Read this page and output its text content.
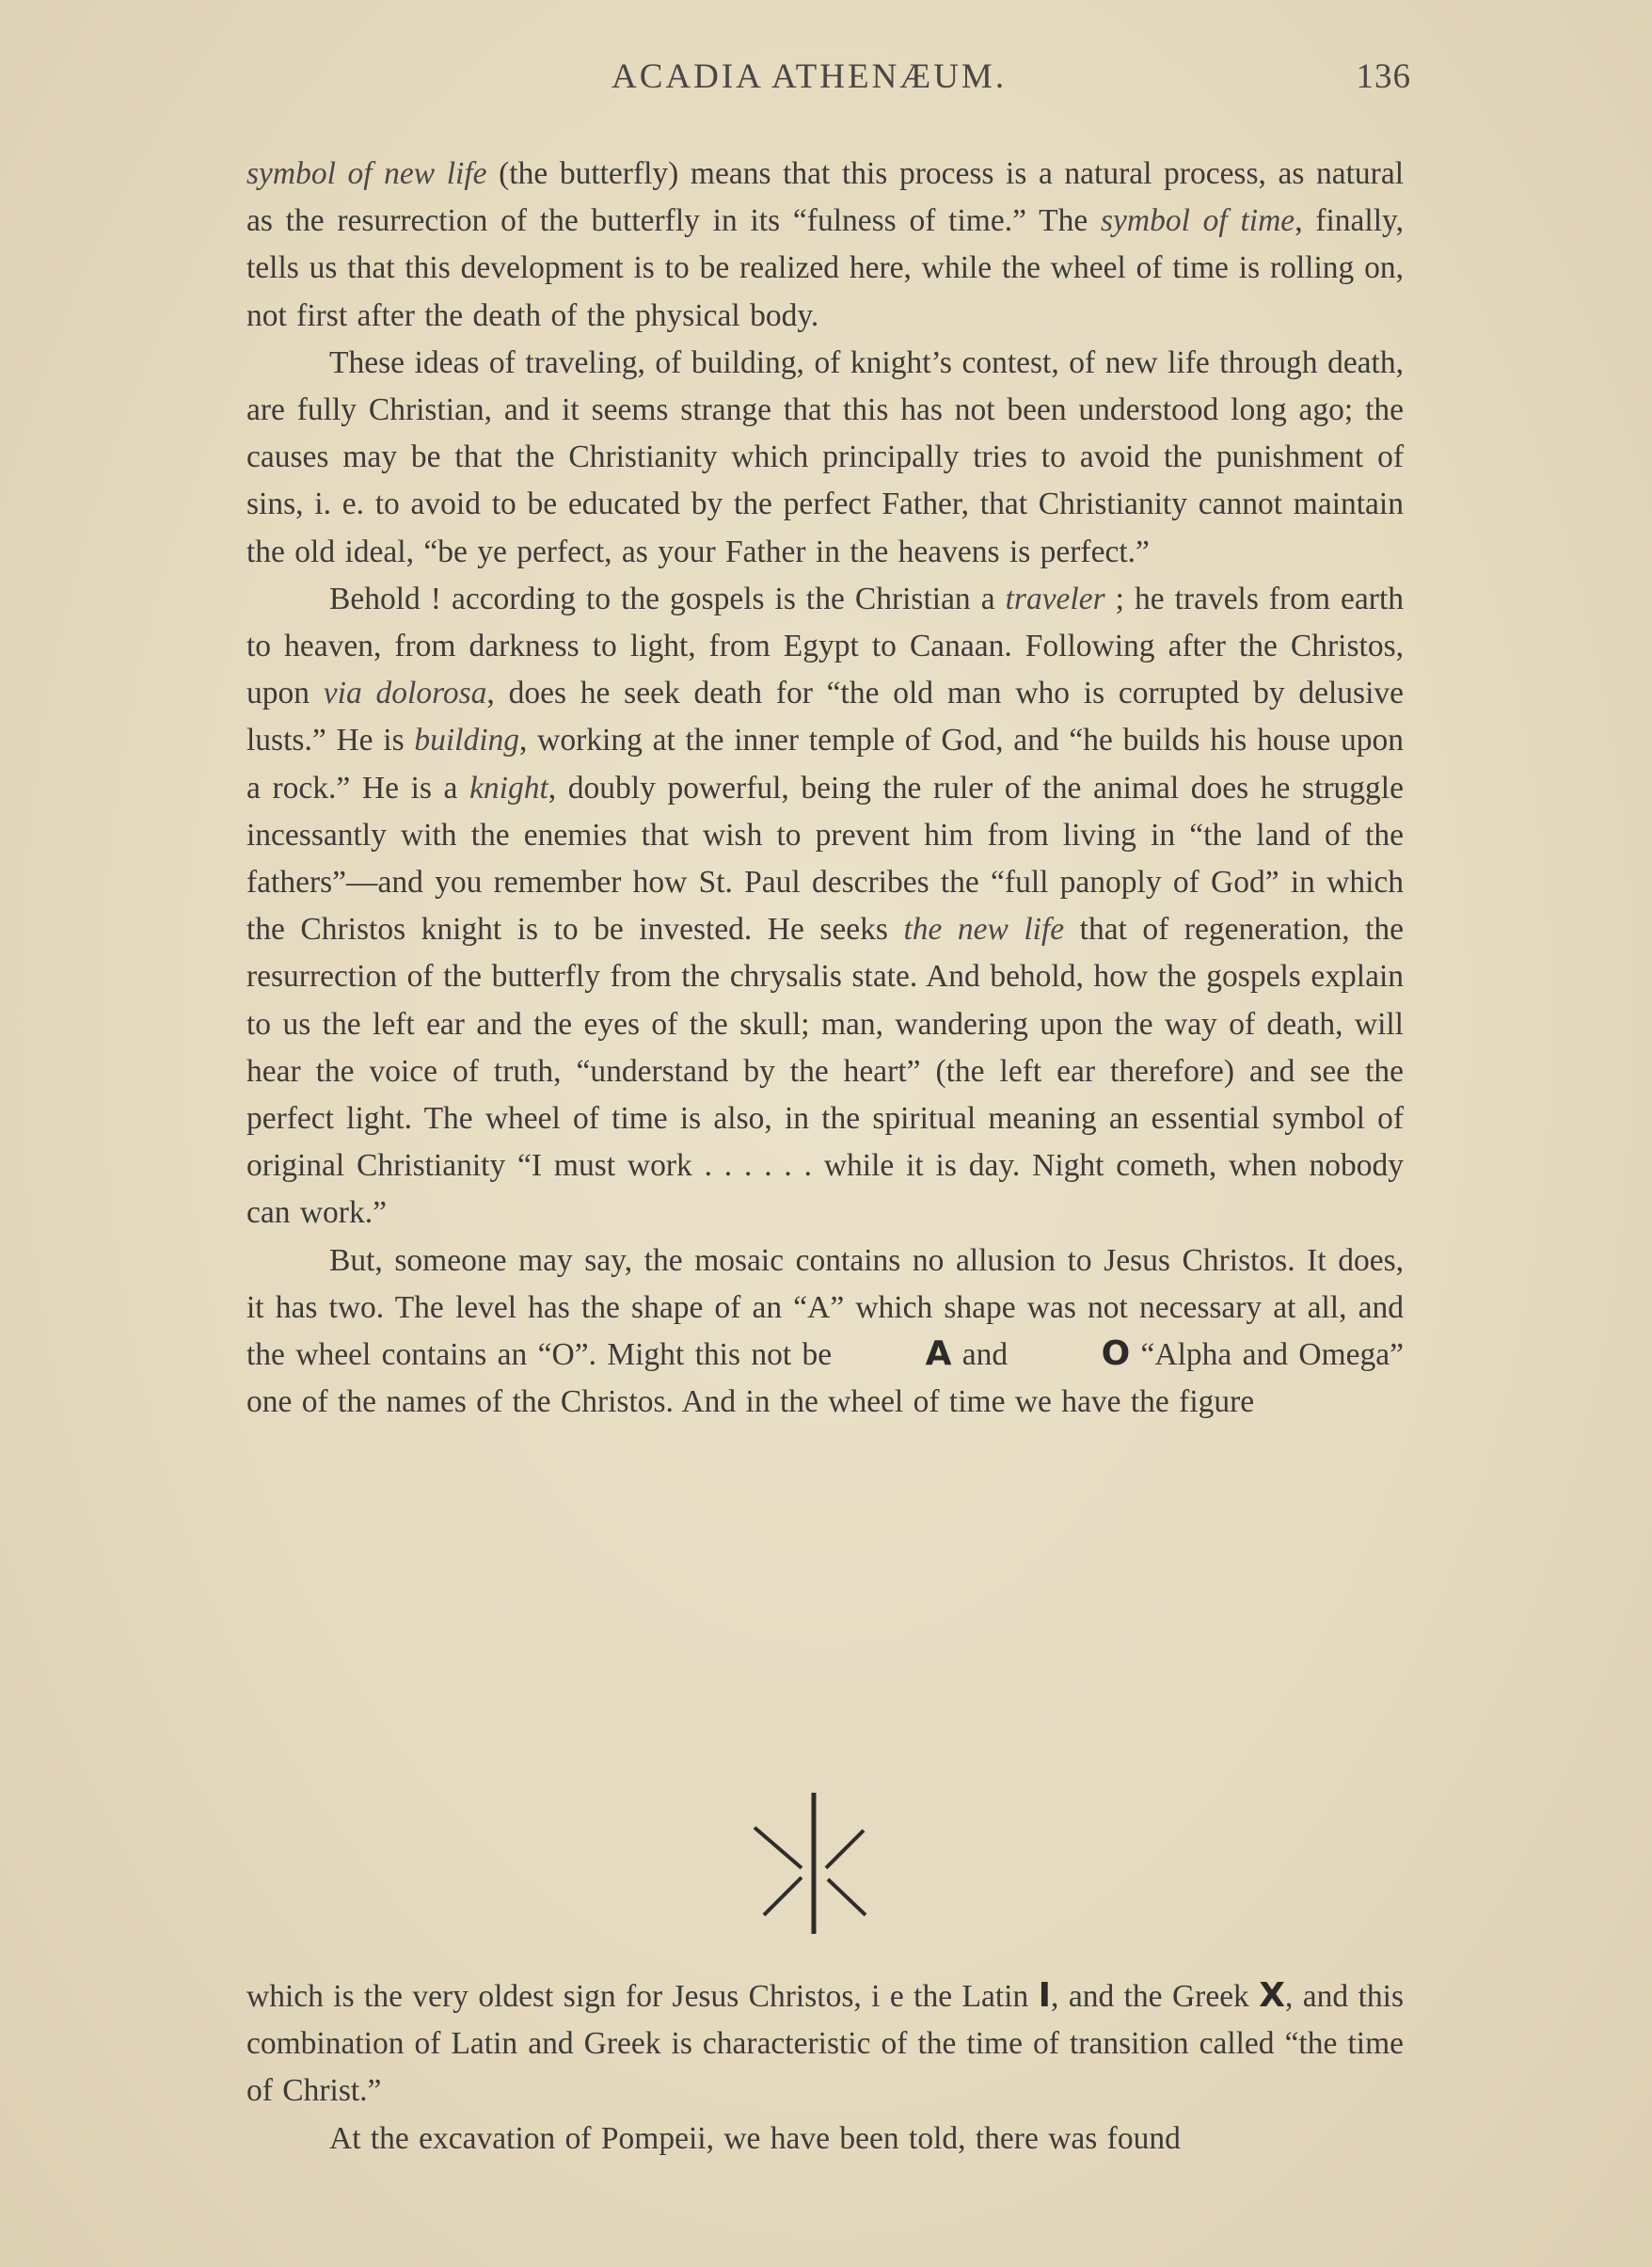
ACADIA ATHENÆUM.	136

symbol of new life (the butterfly) means that this process is a natural process, as natural as the resurrection of the butterfly in its “fulness of time.” The symbol of time, finally, tells us that this development is to be realized here, while the wheel of time is rolling on, not first after the death of the physical body.

These ideas of traveling, of building, of knight’s contest, of new life through death, are fully Christian, and it seems strange that this has not been understood long ago; the causes may be that the Christianity which principally tries to avoid the punishment of sins, i. e. to avoid to be educated by the perfect Father, that Christianity cannot maintain the old ideal, “be ye perfect, as your Father in the heavens is perfect.”

Behold ! according to the gospels is the Christian a traveler ; he travels from earth to heaven, from darkness to light, from Egypt to Canaan. Following after the Christos, upon via dolorosa, does he seek death for “the old man who is corrupted by delusive lusts.” He is building, working at the inner temple of God, and “he builds his house upon a rock.” He is a knight, doubly powerful, being the ruler of the animal does he struggle incessantly with the enemies that wish to prevent him from living in “the land of the fathers”—and you remember how St. Paul describes the “full panoply of God” in which the Christos knight is to be invested. He seeks the new life that of regeneration, the resurrection of the butterfly from the chrysalis state. And behold, how the gospels explain to us the left ear and the eyes of the skull; man, wandering upon the way of death, will hear the voice of truth, “understand by the heart” (the left ear therefore) and see the perfect light. The wheel of time is also, in the spiritual meaning an essential symbol of original Christianity “I must work . . . . . . while it is day. Night cometh, when nobody can work.”

But, someone may say, the mosaic contains no allusion to Jesus Christos. It does, it has two. The level has the shape of an “A” which shape was not necessary at all, and the wheel contains an “O”. Might this not be A and O “Alpha and Omega” one of the names of the Christos. And in the wheel of time we have the figure

which is the very oldest sign for Jesus Christos, i e the Latin I, and the Greek X, and this combination of Latin and Greek is characteristic of the time of transition called “the time of Christ.”

At the excavation of Pompeii, we have been told, there was found
